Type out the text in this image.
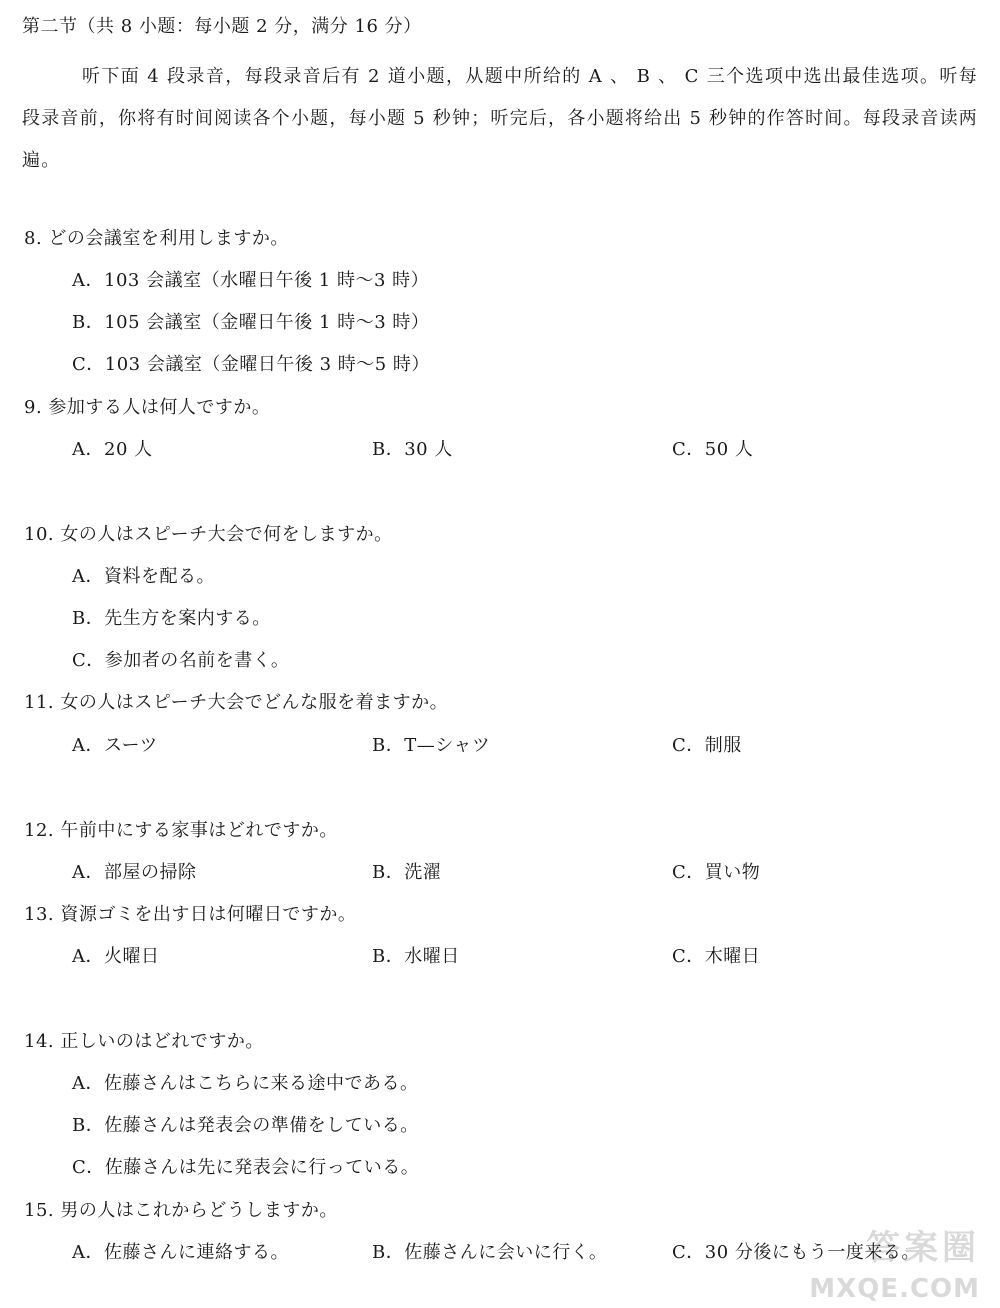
第二节（共 8 小题：每小题 2 分，满分 16 分）
听下面 4 段录音，每段录音后有 2 道小题，从题中所给的 A 、 B 、 C 三个选项中选出最佳选项。听每段录音前，你将有时间阅读各个小题，每小题 5 秒钟；听完后，各小题将给出 5 秒钟的作答时间。每段录音读两遍。
8. どの会議室を利用しますか。
A．103 会議室（水曜日午後 1 時～3 時）
B．105 会議室（金曜日午後 1 時～3 時）
C．103 会議室（金曜日午後 3 時～5 時）
9. 参加する人は何人ですか。
A．20 人	B．30 人	C．50 人
10. 女の人はスピーチ大会で何をしますか。
A．資料を配る。
B．先生方を案内する。
C．参加者の名前を書く。
11. 女の人はスピーチ大会でどんな服を着ますか。
A．スーツ	B．T—シャツ	C．制服
12. 午前中にする家事はどれですか。
A．部屋の掃除	B．洗濯	C．買い物
13. 資源ゴミを出す日は何曜日ですか。
A．火曜日	B．水曜日	C．木曜日
14. 正しいのはどれですか。
A．佐藤さんはこちらに来る途中である。
B．佐藤さんは発表会の準備をしている。
C．佐藤さんは先に発表会に行っている。
15. 男の人はこれからどうしますか。
A．佐藤さんに連絡する。	B．佐藤さんに会いに行く。	C．30 分後にもう一度来る。
答案圈
MXQE.COM
